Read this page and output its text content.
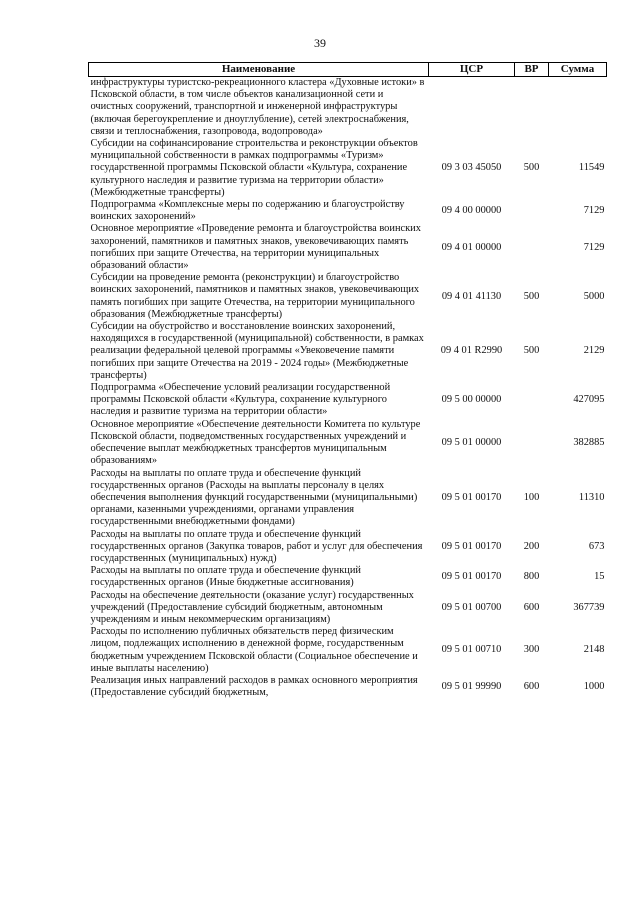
39
Наименование	ЦСР	ВР	Сумма
инфраструктуры туристско-рекреационного кластера «Духовные истоки» в Псковской области, в том числе объектов канализационной сети и очистных сооружений, транспортной и инженерной инфраструктуры (включая берегоукрепление и дноуглубление), сетей электроснабжения, связи и теплоснабжения, газопровода, водопровода»			
Субсидии на софинансирование строительства и реконструкции объектов муниципальной собственности в рамках подпрограммы «Туризм» государственной программы Псковской области «Культура, сохранение культурного наследия и развитие туризма на территории области» (Межбюджетные трансферты)	09 3 03 45050	500	11549
Подпрограмма «Комплексные меры по содержанию и благоустройству воинских захоронений»	09 4 00 00000		7129
Основное мероприятие «Проведение ремонта и благоустройства воинских захоронений, памятников и памятных знаков, увековечивающих память погибших при защите Отечества, на территории муниципальных образований области»	09 4 01 00000		7129
Субсидии на проведение ремонта (реконструкции) и благоустройство воинских захоронений, памятников и памятных знаков, увековечивающих память погибших при защите Отечества, на территории муниципального образования (Межбюджетные трансферты)	09 4 01 41130	500	5000
Субсидии на обустройство и восстановление воинских захоронений, находящихся в государственной (муниципальной) собственности, в рамках реализации федеральной целевой программы «Увековечение памяти погибших при защите Отечества на 2019 - 2024 годы» (Межбюджетные трансферты)	09 4 01 R2990	500	2129
Подпрограмма «Обеспечение условий реализации государственной программы Псковской области «Культура, сохранение культурного наследия и развитие туризма на территории области»	09 5 00 00000		427095
Основное мероприятие «Обеспечение деятельности Комитета по культуре Псковской области, подведомственных государственных учреждений и обеспечение выплат межбюджетных трансфертов муниципальным образованиям»	09 5 01 00000		382885
Расходы на выплаты по оплате труда и обеспечение функций государственных органов (Расходы на выплаты персоналу в целях обеспечения выполнения функций государственными (муниципальными) органами, казенными учреждениями, органами управления государственными внебюджетными фондами)	09 5 01 00170	100	11310
Расходы на выплаты по оплате труда и обеспечение функций государственных органов (Закупка товаров, работ и услуг для обеспечения государственных (муниципальных) нужд)	09 5 01 00170	200	673
Расходы на выплаты по оплате труда и обеспечение функций государственных органов (Иные бюджетные ассигнования)	09 5 01 00170	800	15
Расходы на обеспечение деятельности (оказание услуг) государственных учреждений (Предоставление субсидий бюджетным, автономным учреждениям и иным некоммерческим организациям)	09 5 01 00700	600	367739
Расходы по исполнению публичных обязательств перед физическим лицом, подлежащих исполнению в денежной форме, государственным бюджетным учреждением Псковской области (Социальное обеспечение и иные выплаты населению)	09 5 01 00710	300	2148
Реализация иных направлений расходов в рамках основного мероприятия (Предоставление субсидий бюджетным,	09 5 01 99990	600	1000
